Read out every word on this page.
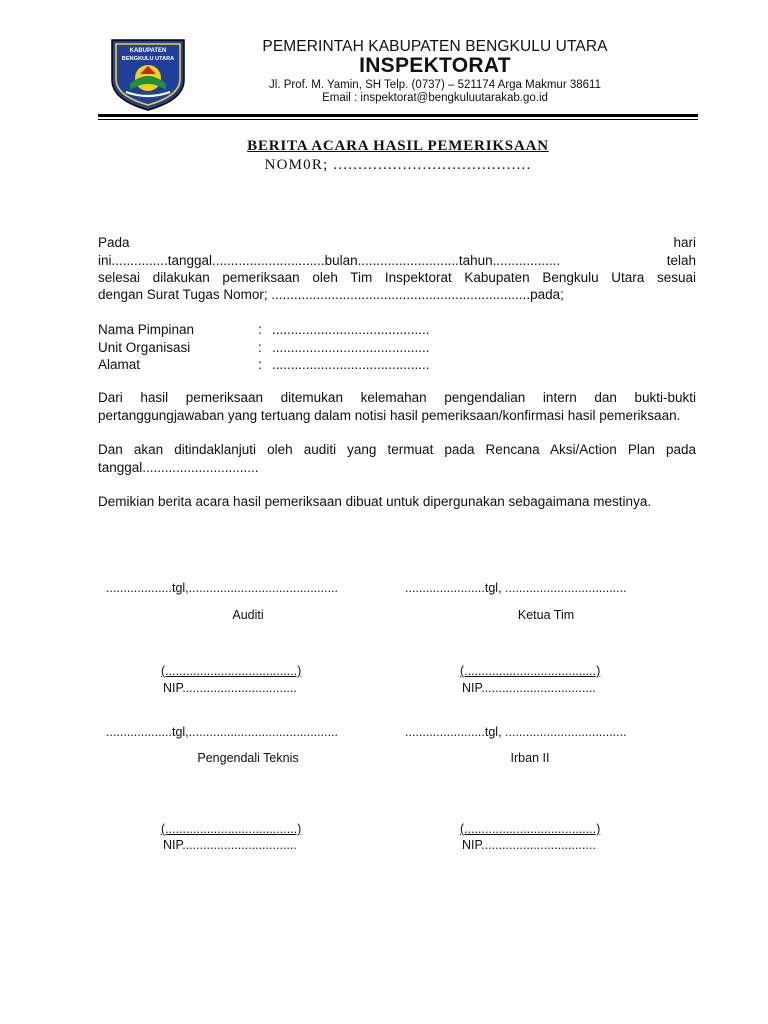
KABUPATEN
BENGKULU UTARA
PEMERINTAH KABUPATEN BENGKULU UTARA
INSPEKTORAT
Jl. Prof. M. Yamin, SH Telp. (0737) – 521174 Arga Makmur 38611
Email : inspektorat@bengkuluutarakab.go.id
BERITA ACARA HASIL PEMERIKSAAN
NOM0R; ........................................
Pada	hari
ini...............tanggal..............................bulan...........................tahun..................	telah
selesai dilakukan pemeriksaan oleh Tim Inspektorat Kabupaten Bengkulu Utara sesuai
dengan Surat Tugas Nomor; .....................................................................pada;
Nama Pimpinan	: ..........................................
Unit Organisasi	: ..........................................
Alamat	: ..........................................
Dari hasil pemeriksaan ditemukan kelemahan pengendalian intern dan bukti-bukti pertanggungjawaban yang tertuang dalam notisi hasil pemeriksaan/konfirmasi hasil pemeriksaan.
Dan akan ditindaklanjuti oleh auditi yang termuat pada Rencana Aksi/Action Plan pada tanggal...............................
Demikian berita acara hasil pemeriksaan dibuat untuk dipergunakan sebagaimana mestinya.
...................tgl,...........................................	.......................tgl, ...................................
Auditi	Ketua Tim
(......................................)	(......................................)
NIP.................................	NIP.................................
...................tgl,...........................................	.......................tgl, ...................................
Pengendali Teknis	Irban II
(......................................)	(......................................)
NIP.................................	NIP.................................
